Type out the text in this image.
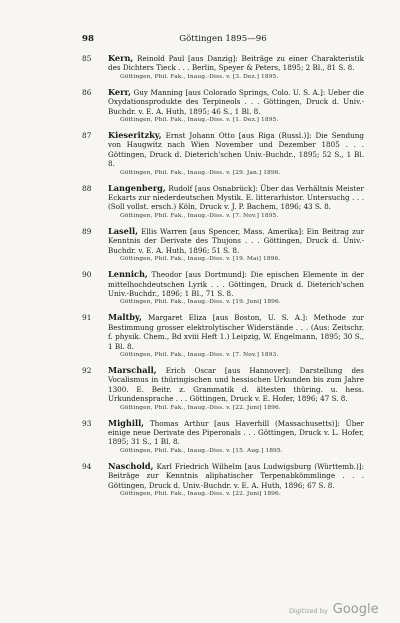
98	Göttingen 1895—96
85 Kern, Reinold Paul [aus Danzig]: Beiträge zu einer Charakteristik des Dichters Tieck . . . Berlin, Speyer & Peters, 1895; 2 Bl., 81 S. 8.
Göttingen, Phil. Fak., Inaug.-Diss. v. [3. Dez.] 1895.
86 Kerr, Guy Manning [aus Colorado Springs, Colo. U. S. A.]: Ueber die Oxydationsprodukte des Terpineols . . . Göttingen, Druck d. Univ.-Buchdr. v. E. A. Huth, 1895; 46 S., 1 Bl. 8.
Göttingen, Phil. Fak., Inaug.-Diss. v. [1. Dez.] 1895.
87 Kieseritzky, Ernst Johann Otto [aus Riga (Russl.)]: Die Sendung von Haugwitz nach Wien November und Dezember 1805 . . . Göttingen, Druck d. Dieterich'schen Univ.-Buchdr., 1895; 52 S., 1 Bl. 8.
Göttingen, Phil. Fak., Inaug.-Diss. v. [29. Jan.] 1896.
88 Langenberg, Rudolf [aus Osnabrück]: Über das Verhältnis Meister Eckarts zur niederdeutschen Mystik. E. litterarhistor. Untersuchg . . . (Soll vollst. ersch.) Köln, Druck v. J. P. Bachem, 1896; 43 S. 8.
Göttingen, Phil. Fak., Inaug.-Diss. v. [7. Nov.] 1895.
89 Lasell, Ellis Warren [aus Spencer, Mass. Amerika]: Ein Beitrag zur Kenntnis der Derivate des Thujons . . . Göttingen, Druck d. Univ.-Buchdr. v. E. A. Huth, 1896; 51 S. 8.
Göttingen, Phil. Fak., Inaug.-Diss. v. [19. Mai] 1896.
90 Lennich, Theodor [aus Dortmund]: Die epischen Elemente in der mittelhochdeutschen Lyrik . . . Göttingen, Druck d. Dieterich'schen Univ.-Buchdr., 1896; 1 Bl., 71 S. 8.
Göttingen, Phil. Fak., Inaug.-Diss. v. [19. Juni] 1896.
91 Maltby, Margaret Eliza [aus Boston, U. S. A.]: Methode zur Bestimmung grosser elektrolytischer Widerstände . . . (Aus: Zeitschr. f. physik. Chem., Bd xviii Heft 1.) Leipzig, W. Engelmann, 1895; 30 S., 1 Bl. 8.
Göttingen, Phil. Fak., Inaug.-Diss. v. [7. Nov.] 1893.
92 Marschall, Erich Oscar [aus Hannover]: Darstellung des Vocalismus in thüringischen und hessischen Urkunden bis zum Jahre 1300. E. Beitr. z. Grammatik d. ältesten thüring. u. hess. Urkundensprache . . . Göttingen, Druck v. E. Hofer, 1896; 47 S. 8.
Göttingen, Phil. Fak., Inaug.-Diss. v. [22. Juni] 1896.
93 Mighill, Thomas Arthur [aus Haverhill (Massachusetts)]: Über einige neue Derivate des Piperonals . . . Göttingen, Druck v. L. Hofer, 1895; 31 S., 1 Bl. 8.
Göttingen, Phil. Fak., Inaug.-Diss. v. [15. Aug.] 1895.
94 Naschold, Karl Friedrich Wilhelm [aus Ludwigsburg (Württemb.)]: Beiträge zur Kenntnis aliphatischer Terpenabkömmlinge . . . Göttingen, Druck d. Univ.-Buchdr. v. E. A. Huth, 1896; 67 S. 8.
Göttingen, Phil. Fak., Inaug.-Diss. v. [22. Juni] 1896.
Digitized by Google
